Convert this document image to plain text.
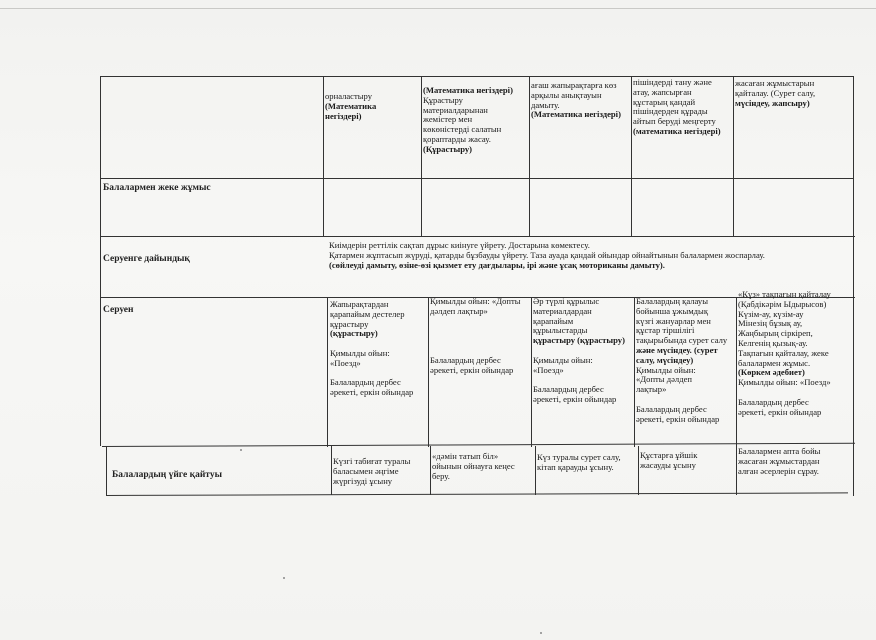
Балалармен жеке жұмыс
Серуенге дайындық
Серуен
Балалардың үйге қайтуы
орналастыру
(Математика
негіздері)
(Математика негіздері)
Құрастыру
материалдарынан
жемістер мен
көкөністерді салатын
қораптарды жасау.
(Құрастыру)
ағаш жапырақтарға көз
арқылы анықтауын
дамыту.
(Математика негіздері)
пішіндерді тану және
атау, жапсырған
құстарың қандай
пішіндерден құрады
айтып беруді меңгерту
(математика негіздері)
жасаған жұмыстарын
қайталау. (Сурет салу,
мүсіндеу, жапсыру)
Киімдерін реттілік сақтап дұрыс киінуге үйрету. Достарына көмектесу.
Қатармен жұптасып жүруді, қатарды бұзбауды үйрету. Таза ауада қандай ойындар ойнайтынын балалармен жоспарлау.
(сөйлеуді дамыту, өзіне-өзі қызмет ету дағдылары, ірі және ұсақ моториканы дамыту).
Жапырақтардан
қарапайым дестелер
құрастыру
(құрастыру)

Қимылды ойын:
«Поезд»

Балалардың дербес
әрекеті, еркін ойындар
Қимылды ойын: «Допты
дәлдеп лақтыр»

Балалардың дербес
әрекеті, еркін ойындар
Әр түрлі құрылыс
материалдардан
қарапайым
құрылыстарды
құрастыру (құрастыру)

Қимылды ойын:
«Поезд»

Балалардың дербес
әрекеті, еркін ойындар
Балалардың қалауы
бойынша ұжымдық
күзгі жануарлар мен
құстар тіршілігі
тақырыбында сурет салу
және мүсіндеу. (сурет
салу, мүсіндеу)
Қимылды ойын:
«Допты дәлдеп
лақтыр»

Балалардың дербес
әрекеті, еркін ойындар
«Күз» тақпағын қайталау
(Қабдікәрім Ыдырысов)
Күзім-ау, күзім-ау
Мінезің бұзық ау,
Жаңбырың сіркіреп,
Келгенің қызық-ау.
Тақпағын қайталау, жеке
балалармен жұмыс.
(Көркем әдебиет)
Қимылды ойын: «Поезд»

Балалардың дербес
әрекеті, еркін ойындар
Күзгі табиғат туралы
баласымен әңгіме
жүргізуді ұсыну
«дәмін татып біл»
ойынын ойнауға кеңес
беру.
Күз туралы сурет салу,
кітап қарауды ұсыну.
Құстарға ұйшік
жасауды ұсыну
Балалармен апта бойы
жасаған жұмыстардан
алған әсерлерін сұрау.
